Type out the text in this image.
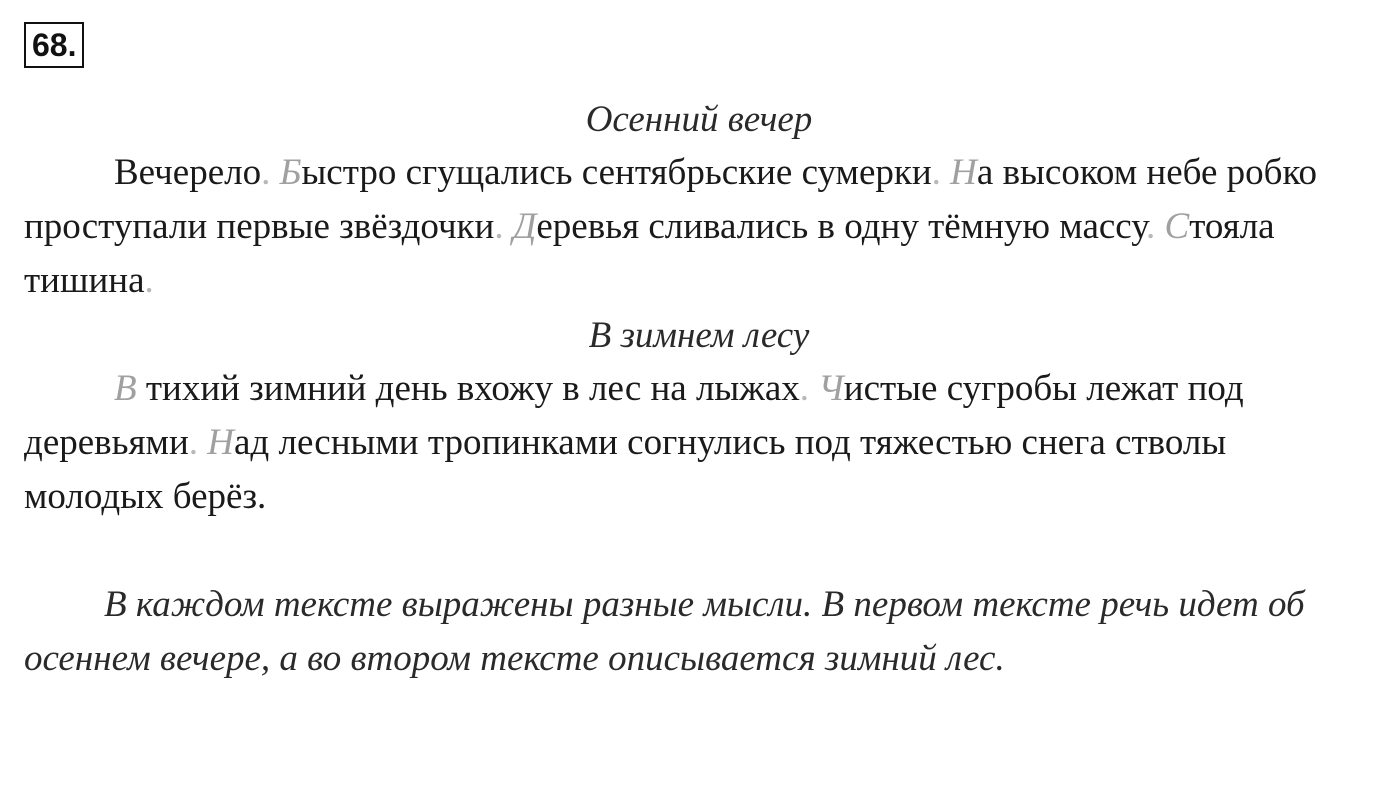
68.
Осенний вечер
Вечерело. Быстро сгущались сентябрьские сумерки. На высоком небе робко проступали первые звёздочки. Деревья сливались в одну тёмную массу. Стояла тишина.
В зимнем лесу
В тихий зимний день вхожу в лес на лыжах. Чистые сугробы лежат под деревьями. Над лесными тропинками согнулись под тяжестью снега стволы молодых берёз.
В каждом тексте выражены разные мысли. В первом тексте речь идет об осеннем вечере, а во втором тексте описывается зимний лес.
